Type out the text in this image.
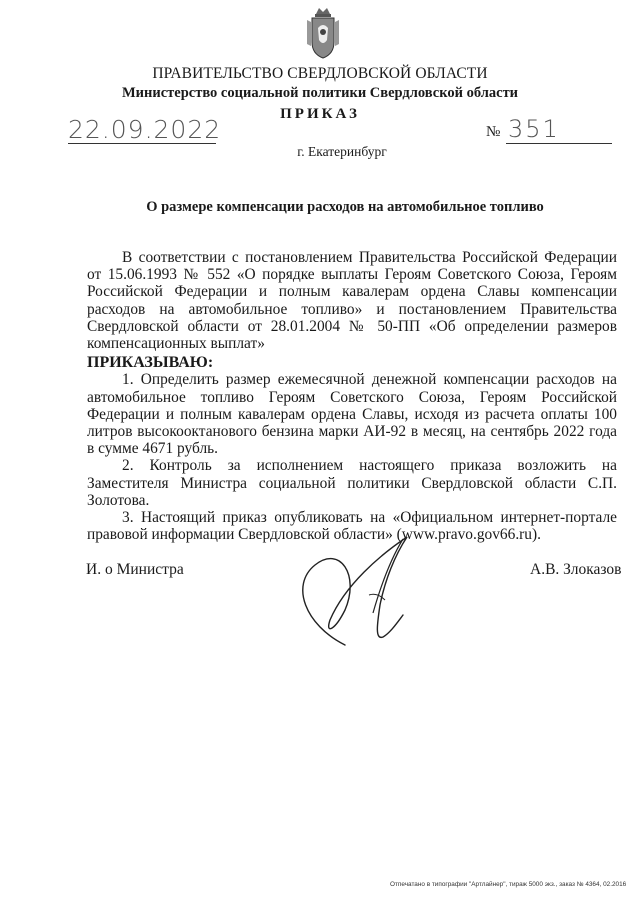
ПРАВИТЕЛЬСТВО СВЕРДЛОВСКОЙ ОБЛАСТИ
Министерство социальной политики Свердловской области
ПРИКАЗ
22.09.2022	№ 351
г. Екатеринбург
О размере компенсации расходов на автомобильное топливо

В соответствии с постановлением Правительства Российской Федерации от 15.06.1993 № 552 «О порядке выплаты Героям Советского Союза, Героям Российской Федерации и полным кавалерам ордена Славы компенсации расходов на автомобильное топливо» и постановлением Правительства Свердловской области от 28.01.2004 № 50-ПП «Об определении размеров компенсационных выплат»

ПРИКАЗЫВАЮ:

1. Определить размер ежемесячной денежной компенсации расходов на автомобильное топливо Героям Советского Союза, Героям Российской Федерации и полным кавалерам ордена Славы, исходя из расчета оплаты 100 литров высокооктанового бензина марки АИ-92 в месяц, на сентябрь 2022 года в сумме 4671 рубль.

2. Контроль за исполнением настоящего приказа возложить на Заместителя Министра социальной политики Свердловской области С.П. Золотова.

3. Настоящий приказ опубликовать на «Официальном интернет-портале правовой информации Свердловской области» (www.pravo.gov66.ru).

И. о Министра	А.В. Злоказов
Отпечатано в типографии "Артлайнер", тираж 5000 экз., заказ № 4364, 02.2016
